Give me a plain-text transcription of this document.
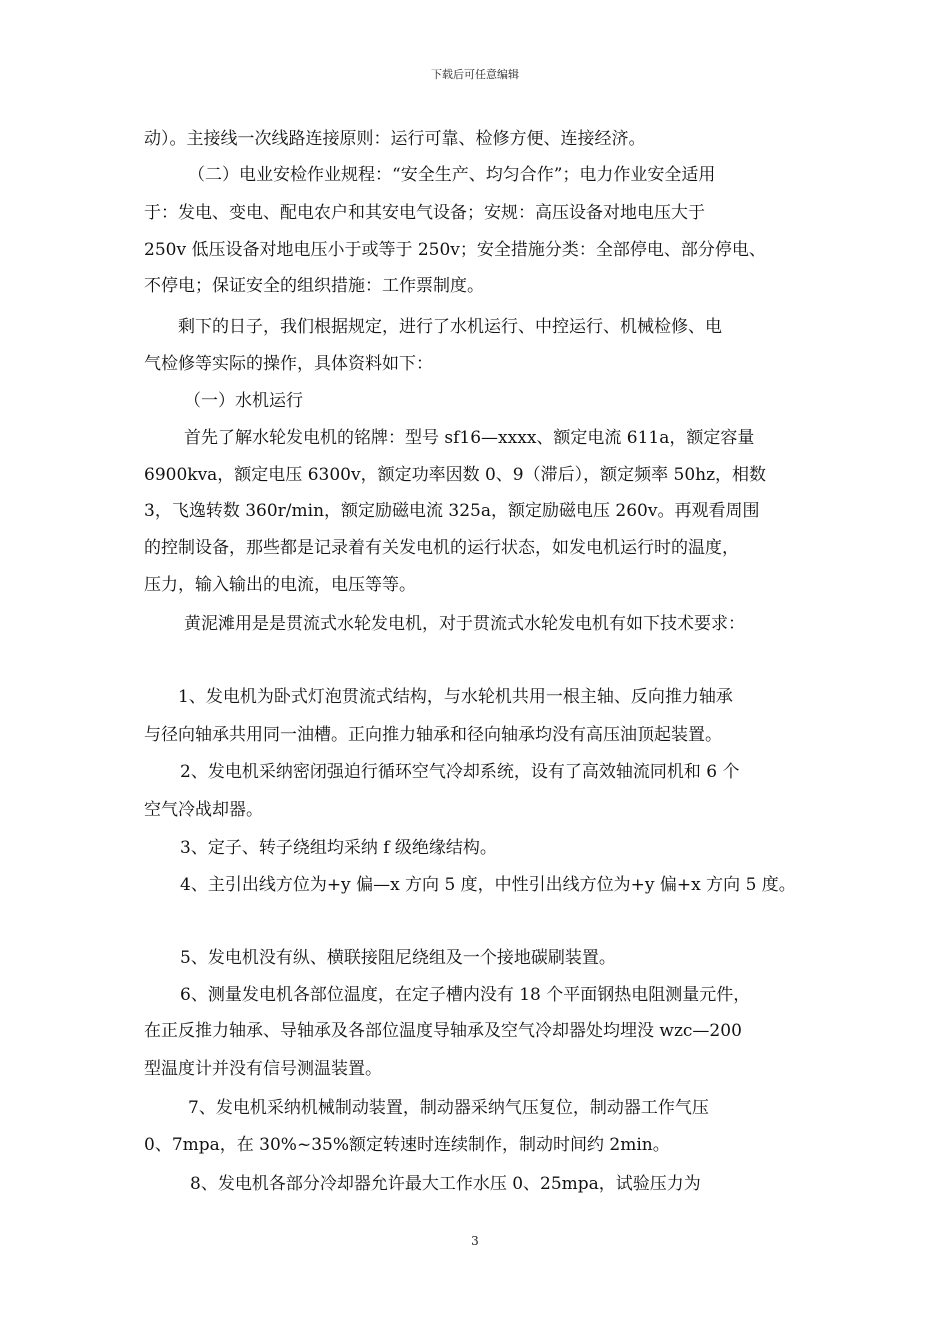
下载后可任意编辑
动）。主接线一次线路连接原则：运行可靠、检修方便、连接经济。
（二）电业安检作业规程：“安全生产、均匀合作”；电力作业安全适用
于：发电、变电、配电农户和其安电气设备；安规：高压设备对地电压大于
250v 低压设备对地电压小于或等于 250v；安全措施分类：全部停电、部分停电、
不停电；保证安全的组织措施：工作票制度。
剩下的日子，我们根据规定，进行了水机运行、中控运行、机械检修、电
气检修等实际的操作，具体资料如下：
（一）水机运行
首先了解水轮发电机的铭牌：型号 sf16—xxxx、额定电流 611a，额定容量
6900kva，额定电压 6300v，额定功率因数 0、9（滞后），额定频率 50hz，相数
3，飞逸转数 360r/min，额定励磁电流 325a，额定励磁电压 260v。再观看周围
的控制设备，那些都是记录着有关发电机的运行状态，如发电机运行时的温度，
压力，输入输出的电流，电压等等。
黄泥滩用是是贯流式水轮发电机，对于贯流式水轮发电机有如下技术要求：
1、发电机为卧式灯泡贯流式结构，与水轮机共用一根主轴、反向推力轴承
与径向轴承共用同一油槽。正向推力轴承和径向轴承均没有高压油顶起装置。
2、发电机采纳密闭强迫行循环空气冷却系统，设有了高效轴流同机和 6 个
空气冷战却器。
3、定子、转子绕组均采纳 f 级绝缘结构。
4、主引出线方位为+y 偏—x 方向 5 度，中性引出线方位为+y 偏+x 方向 5 度。
5、发电机没有纵、横联接阻尼绕组及一个接地碳刷装置。
6、测量发电机各部位温度，在定子槽内没有 18 个平面钢热电阻测量元件，
在正反推力轴承、导轴承及各部位温度导轴承及空气冷却器处均埋没 wzc—200
型温度计并没有信号测温装置。
7、发电机采纳机械制动装置，制动器采纳气压复位，制动器工作气压
0、7mpa，在 30%~35%额定转速时连续制作，制动时间约 2min。
8、发电机各部分冷却器允许最大工作水压 0、25mpa，试验压力为
3
